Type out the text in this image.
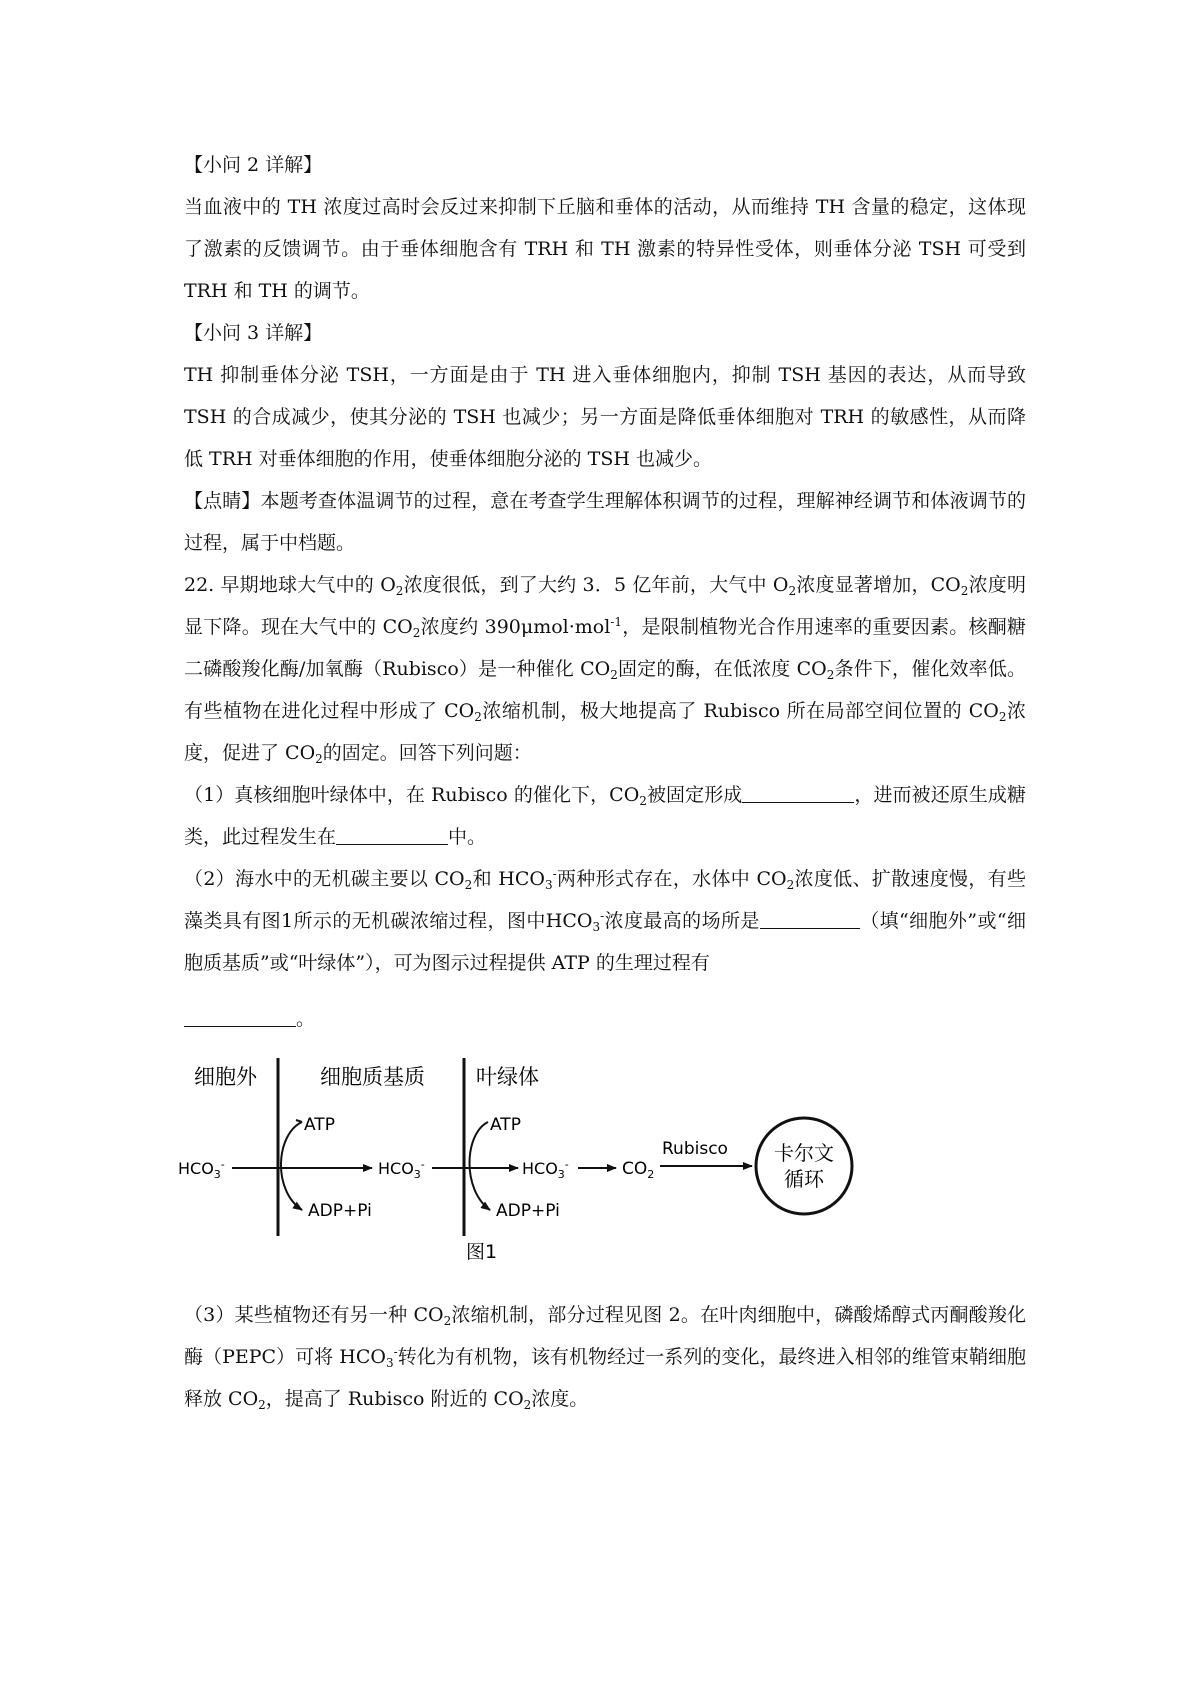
【小问 2 详解】

当血液中的 TH 浓度过高时会反过来抑制下丘脑和垂体的活动，从而维持 TH 含量的稳定，这体现了激素的反馈调节。由于垂体细胞含有 TRH 和 TH 激素的特异性受体，则垂体分泌 TSH 可受到 TRH 和 TH 的调节。

【小问 3 详解】

TH 抑制垂体分泌 TSH，一方面是由于 TH 进入垂体细胞内，抑制 TSH 基因的表达，从而导致 TSH 的合成减少，使其分泌的 TSH 也减少；另一方面是降低垂体细胞对 TRH 的敏感性，从而降低 TRH 对垂体细胞的作用，使垂体细胞分泌的 TSH 也减少。

【点睛】本题考查体温调节的过程，意在考查学生理解体积调节的过程，理解神经调节和体液调节的过程，属于中档题。

22. 早期地球大气中的 $O_2$浓度很低，到了大约 3．5 亿年前，大气中 $O_2$浓度显著增加，$CO_2$浓度明显下降。现在大气中的 $CO_2$浓度约 390μmol·mol$^{-1}$，是限制植物光合作用速率的重要因素。核酮糖二磷酸羧化酶/加氧酶（Rubisco）是一种催化 $CO_2$固定的酶，在低浓度 $CO_2$条件下，催化效率低。有些植物在进化过程中形成了 $CO_2$浓缩机制，极大地提高了 Rubisco 所在局部空间位置的 $CO_2$浓度，促进了 $CO_2$的固定。回答下列问题：

（1）真核细胞叶绿体中，在 Rubisco 的催化下，$CO_2$被固定形成	，进而被还原生成糖类，此过程发生在	中。

（2）海水中的无机碳主要以 $CO_2$和 $HCO_3^-$两种形式存在，水体中 $CO_2$浓度低、扩散速度慢，有些藻类具有图1所示的无机碳浓缩过程，图中$HCO_3^-$浓度最高的场所是	（填“细胞外”或“细胞质基质”或“叶绿体”），可为图示过程提供 ATP 的生理过程有

。

细胞外	细胞质基质 叶绿体
$HCO_3^-$
ATP
ADP+Pi
$HCO_3^-$
ATP
ADP+Pi
$HCO_3^-$	$CO_2$
Rubisco 卡尔文
循环
图1

（3）某些植物还有另一种 $CO_2$浓缩机制，部分过程见图 2。在叶肉细胞中，磷酸烯醇式丙酮酸羧化酶（PEPC）可将 $HCO_3^-$转化为有机物，该有机物经过一系列的变化，最终进入相邻的维管束鞘细胞释放 $CO_2$，提高了 Rubisco 附近的 $CO_2$浓度。
